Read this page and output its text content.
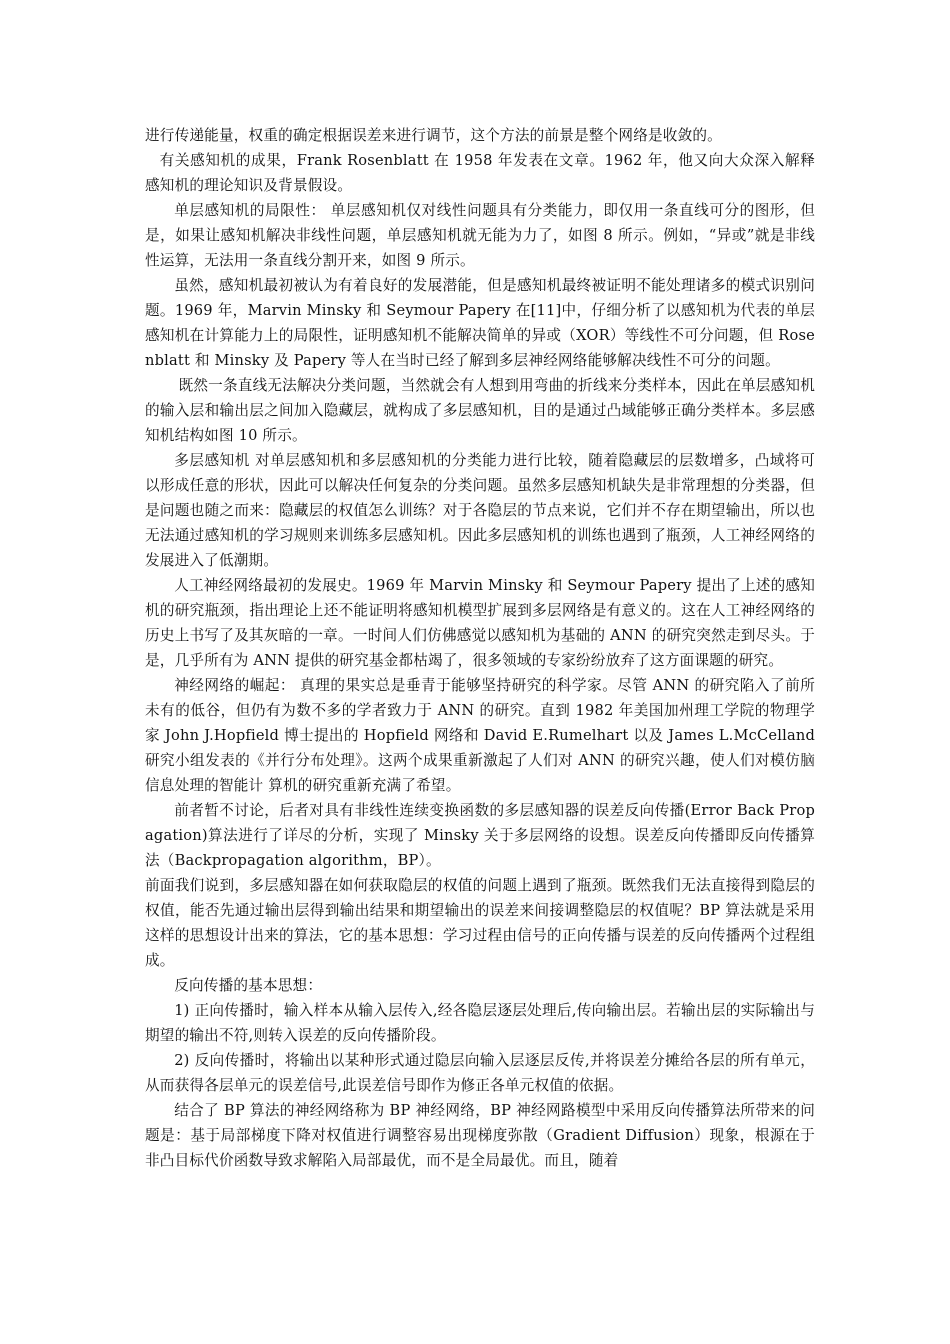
进行传递能量，权重的确定根据误差来进行调节，这个方法的前景是整个网络是收敛的。

有关感知机的成果，Frank Rosenblatt 在 1958 年发表在文章。1962 年，他又向大众深入解释感知机的理论知识及背景假设。

单层感知机的局限性： 单层感知机仅对线性问题具有分类能力，即仅用一条直线可分的图形，但是，如果让感知机解决非线性问题，单层感知机就无能为力了，如图 8 所示。例如，“异或”就是非线性运算，无法用一条直线分割开来，如图 9 所示。

虽然，感知机最初被认为有着良好的发展潜能，但是感知机最终被证明不能处理诸多的模式识别问题。1969 年，Marvin Minsky 和 Seymour Papery 在[11]中，仔细分析了以感知机为代表的单层感知机在计算能力上的局限性，证明感知机不能解决简单的异或（XOR）等线性不可分问题，但 Rosenblatt 和 Minsky 及 Papery 等人在当时已经了解到多层神经网络能够解决线性不可分的问题。

既然一条直线无法解决分类问题，当然就会有人想到用弯曲的折线来分类样本，因此在单层感知机的输入层和输出层之间加入隐藏层，就构成了多层感知机，目的是通过凸域能够正确分类样本。多层感知机结构如图 10 所示。

多层感知机 对单层感知机和多层感知机的分类能力进行比较，随着隐藏层的层数增多，凸域将可以形成任意的形状，因此可以解决任何复杂的分类问题。虽然多层感知机缺失是非常理想的分类器，但是问题也随之而来：隐藏层的权值怎么训练？对于各隐层的节点来说，它们并不存在期望输出，所以也无法通过感知机的学习规则来训练多层感知机。因此多层感知机的训练也遇到了瓶颈，人工神经网络的发展进入了低潮期。

人工神经网络最初的发展史。1969 年 Marvin Minsky 和 Seymour Papery 提出了上述的感知机的研究瓶颈，指出理论上还不能证明将感知机模型扩展到多层网络是有意义的。这在人工神经网络的历史上书写了及其灰暗的一章。一时间人们仿佛感觉以感知机为基础的 ANN 的研究突然走到尽头。于是，几乎所有为 ANN 提供的研究基金都枯竭了，很多领域的专家纷纷放弃了这方面课题的研究。

神经网络的崛起： 真理的果实总是垂青于能够坚持研究的科学家。尽管 ANN 的研究陷入了前所未有的低谷，但仍有为数不多的学者致力于 ANN 的研究。直到 1982 年美国加州理工学院的物理学家 John J.Hopfield 博士提出的 Hopfield 网络和 David E.Rumelhart 以及 James L.McCelland 研究小组发表的《并行分布处理》。这两个成果重新激起了人们对 ANN 的研究兴趣，使人们对模仿脑信息处理的智能计 算机的研究重新充满了希望。

前者暂不讨论，后者对具有非线性连续变换函数的多层感知器的误差反向传播(Error Back Propagation)算法进行了详尽的分析，实现了 Minsky 关于多层网络的设想。误差反向传播即反向传播算法（Backpropagation algorithm，BP）。

前面我们说到，多层感知器在如何获取隐层的权值的问题上遇到了瓶颈。既然我们无法直接得到隐层的权值，能否先通过输出层得到输出结果和期望输出的误差来间接调整隐层的权值呢？BP 算法就是采用这样的思想设计出来的算法，它的基本思想：学习过程由信号的正向传播与误差的反向传播两个过程组成。

反向传播的基本思想：

1) 正向传播时，输入样本从输入层传入,经各隐层逐层处理后,传向输出层。若输出层的实际输出与期望的输出不符,则转入误差的反向传播阶段。

2) 反向传播时，将输出以某种形式通过隐层向输入层逐层反传,并将误差分摊给各层的所有单元，从而获得各层单元的误差信号,此误差信号即作为修正各单元权值的依据。

结合了 BP 算法的神经网络称为 BP 神经网络，BP 神经网路模型中采用反向传播算法所带来的问题是：基于局部梯度下降对权值进行调整容易出现梯度弥散（Gradient Diffusion）现象，根源在于非凸目标代价函数导致求解陷入局部最优，而不是全局最优。而且，随着
